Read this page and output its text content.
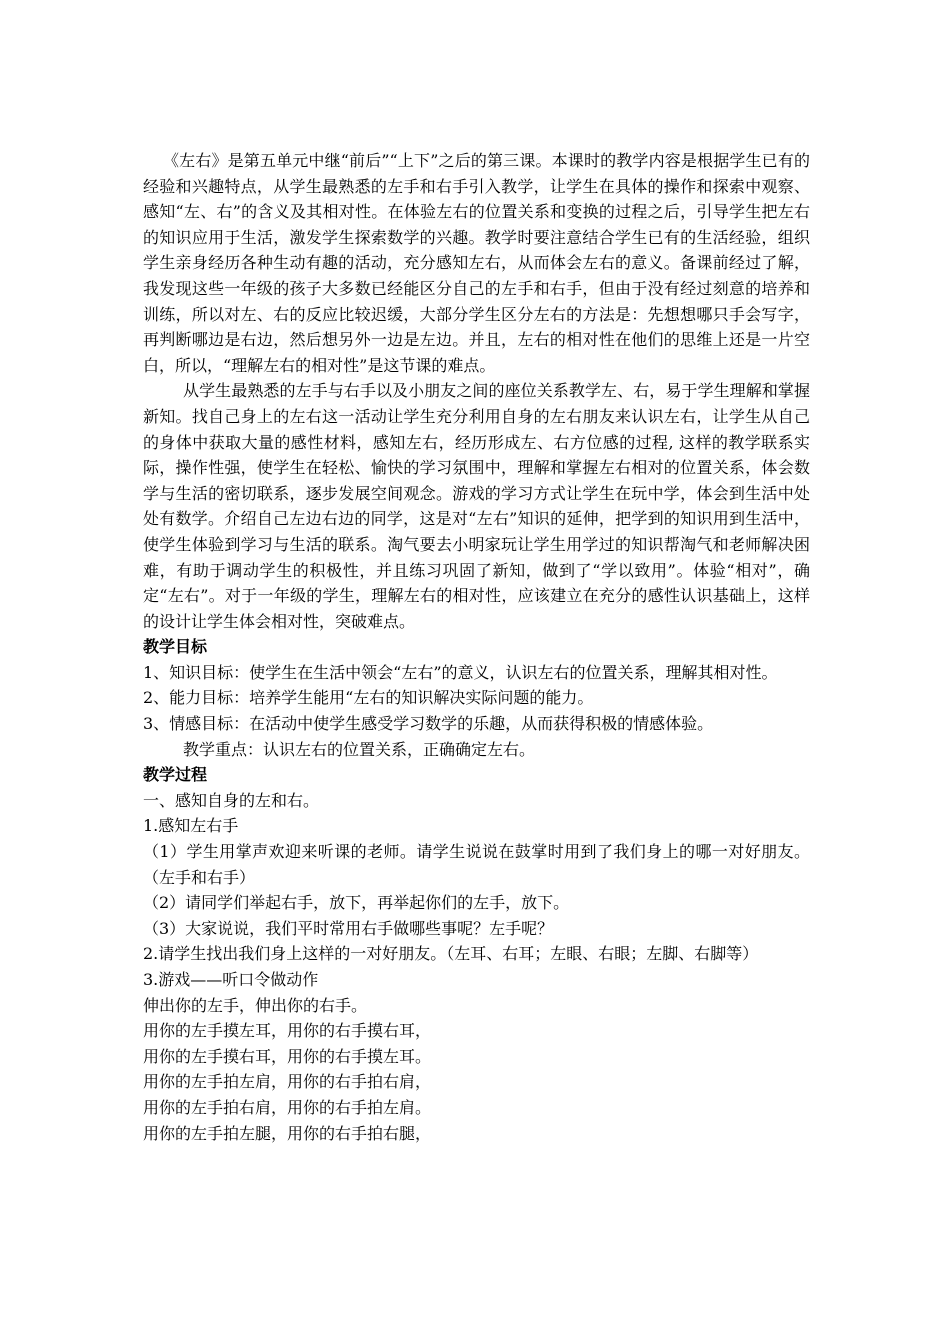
《左右》是第五单元中继“前后”“上下”之后的第三课。本课时的教学内容是根据学生已有的经验和兴趣特点，从学生最熟悉的左手和右手引入教学，让学生在具体的操作和探索中观察、感知“左、右”的含义及其相对性。在体验左右的位置关系和变换的过程之后，引导学生把左右的知识应用于生活，激发学生探索数学的兴趣。教学时要注意结合学生已有的生活经验，组织学生亲身经历各种生动有趣的活动，充分感知左右，从而体会左右的意义。备课前经过了解，我发现这些一年级的孩子大多数已经能区分自己的左手和右手，但由于没有经过刻意的培养和训练，所以对左、右的反应比较迟缓，大部分学生区分左右的方法是：先想想哪只手会写字，再判断哪边是右边，然后想另外一边是左边。并且，左右的相对性在他们的思维上还是一片空白，所以，“理解左右的相对性”是这节课的难点。

从学生最熟悉的左手与右手以及小朋友之间的座位关系教学左、右，易于学生理解和掌握新知。找自己身上的左右这一活动让学生充分利用自身的左右朋友来认识左右，让学生从自己的身体中获取大量的感性材料，感知左右，经历形成左、右方位感的过程, 这样的教学联系实际，操作性强，使学生在轻松、愉快的学习氛围中，理解和掌握左右相对的位置关系，体会数学与生活的密切联系，逐步发展空间观念。游戏的学习方式让学生在玩中学，体会到生活中处处有数学。介绍自己左边右边的同学，这是对“左右”知识的延伸，把学到的知识用到生活中，使学生体验到学习与生活的联系。淘气要去小明家玩让学生用学过的知识帮淘气和老师解决困难，有助于调动学生的积极性，并且练习巩固了新知，做到了“学以致用”。体验“相对”，确定“左右”。对于一年级的学生，理解左右的相对性，应该建立在充分的感性认识基础上，这样的设计让学生体会相对性，突破难点。

教学目标

1、知识目标：使学生在生活中领会“左右”的意义，认识左右的位置关系，理解其相对性。

2、能力目标：培养学生能用“左右的知识解决实际问题的能力。

3、情感目标：在活动中使学生感受学习数学的乐趣，从而获得积极的情感体验。

教学重点：认识左右的位置关系，正确确定左右。

教学过程

一、感知自身的左和右。

1.感知左右手

（1）学生用掌声欢迎来听课的老师。请学生说说在鼓掌时用到了我们身上的哪一对好朋友。（左手和右手）

（2）请同学们举起右手，放下，再举起你们的左手，放下。

（3）大家说说，我们平时常用右手做哪些事呢？左手呢？

2.请学生找出我们身上这样的一对好朋友。（左耳、右耳；左眼、右眼；左脚、右脚等）

3.游戏——听口令做动作

伸出你的左手，伸出你的右手。

用你的左手摸左耳，用你的右手摸右耳，

用你的左手摸右耳，用你的右手摸左耳。

用你的左手拍左肩，用你的右手拍右肩，

用你的左手拍右肩，用你的右手拍左肩。

用你的左手拍左腿，用你的右手拍右腿，
